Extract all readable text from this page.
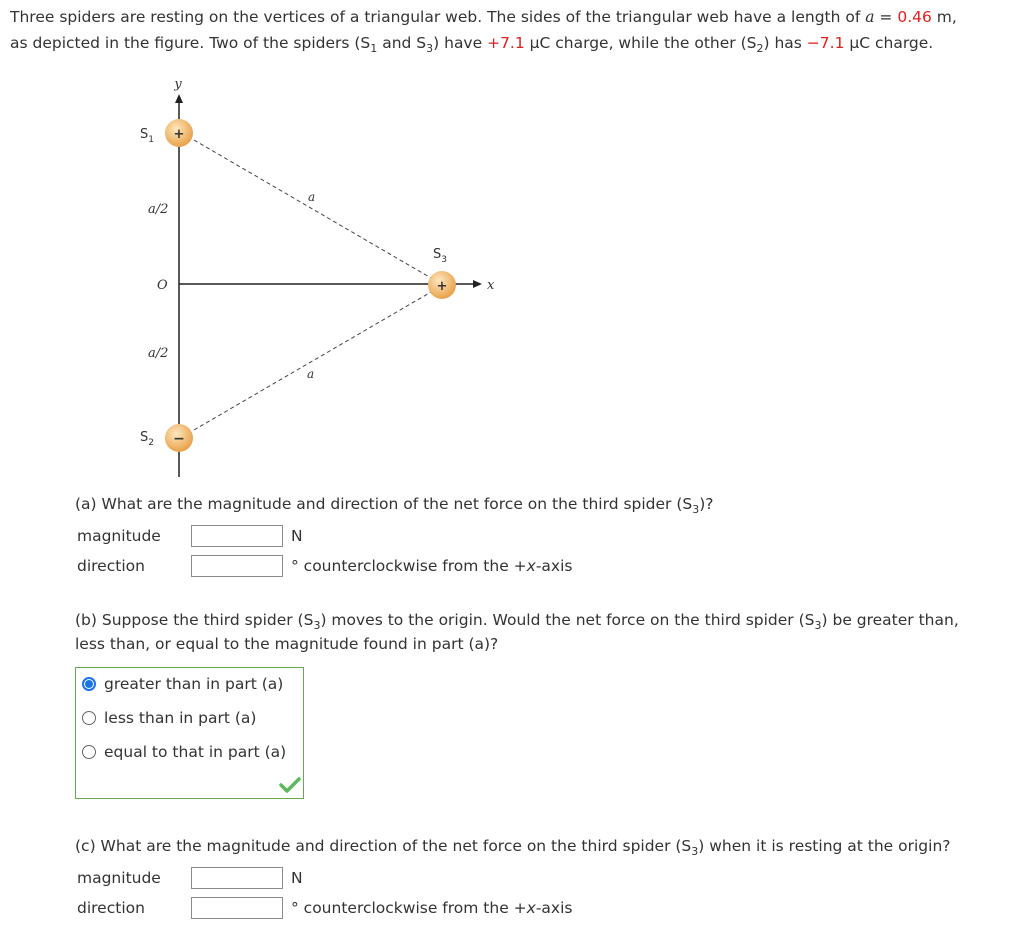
Three spiders are resting on the vertices of a triangular web. The sides of the triangular web have a length of a = 0.46 m,
as depicted in the figure. Two of the spiders ($S_1$ and $S_3$) have +7.1 μC charge, while the other $(S_2)$ has −7.1 μC charge.
y
x
a
a
a/2
a/2
O
$S_1$
$S_2$
$S_3$
+
−
+
(a) What are the magnitude and direction of the net force on the third spider $(S_3)$?
magnitude	N
direction	° counterclockwise from the +x-axis
(b) Suppose the third spider $(S_3)$ moves to the origin. Would the net force on the third spider $(S_3)$ be greater than,
less than, or equal to the magnitude found in part (a)?
greater than in part (a)
less than in part (a)
equal to that in part (a)
(c) What are the magnitude and direction of the net force on the third spider $(S_3)$ when it is resting at the origin?
magnitude	N
direction	° counterclockwise from the +x-axis
